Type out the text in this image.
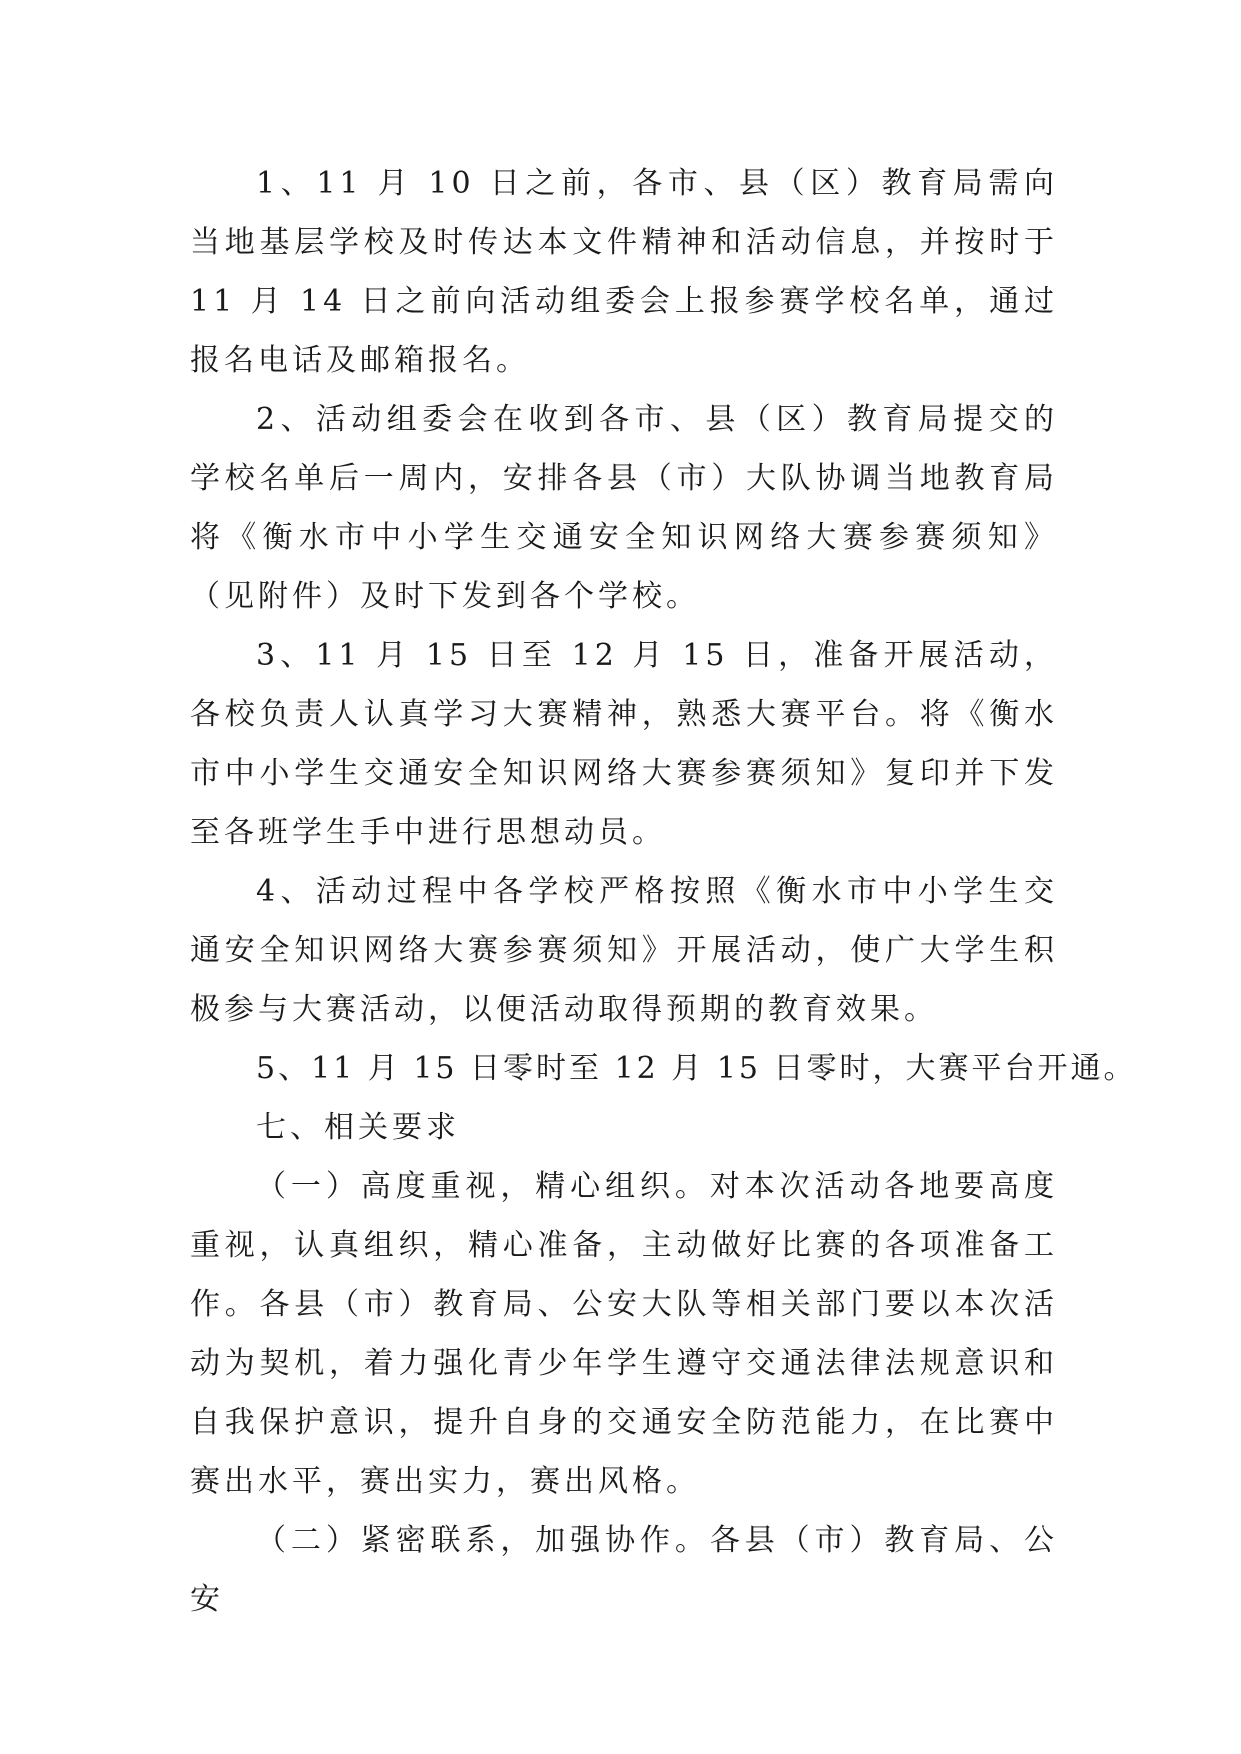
1、11 月 10 日之前，各市、县（区）教育局需向当地基层学校及时传达本文件精神和活动信息，并按时于 11 月 14 日之前向活动组委会上报参赛学校名单，通过报名电话及邮箱报名。

2、活动组委会在收到各市、县（区）教育局提交的学校名单后一周内，安排各县（市）大队协调当地教育局将《衡水市中小学生交通安全知识网络大赛参赛须知》（见附件）及时下发到各个学校。

3、11 月 15 日至 12 月 15 日，准备开展活动，各校负责人认真学习大赛精神，熟悉大赛平台。将《衡水市中小学生交通安全知识网络大赛参赛须知》复印并下发至各班学生手中进行思想动员。

4、活动过程中各学校严格按照《衡水市中小学生交通安全知识网络大赛参赛须知》开展活动，使广大学生积极参与大赛活动，以便活动取得预期的教育效果。

5、11 月 15 日零时至 12 月 15 日零时，大赛平台开通。

七、相关要求

（一）高度重视，精心组织。对本次活动各地要高度重视，认真组织，精心准备，主动做好比赛的各项准备工作。各县（市）教育局、公安大队等相关部门要以本次活动为契机，着力强化青少年学生遵守交通法律法规意识和自我保护意识，提升自身的交通安全防范能力，在比赛中赛出水平，赛出实力，赛出风格。

（二）紧密联系，加强协作。各县（市）教育局、公安
